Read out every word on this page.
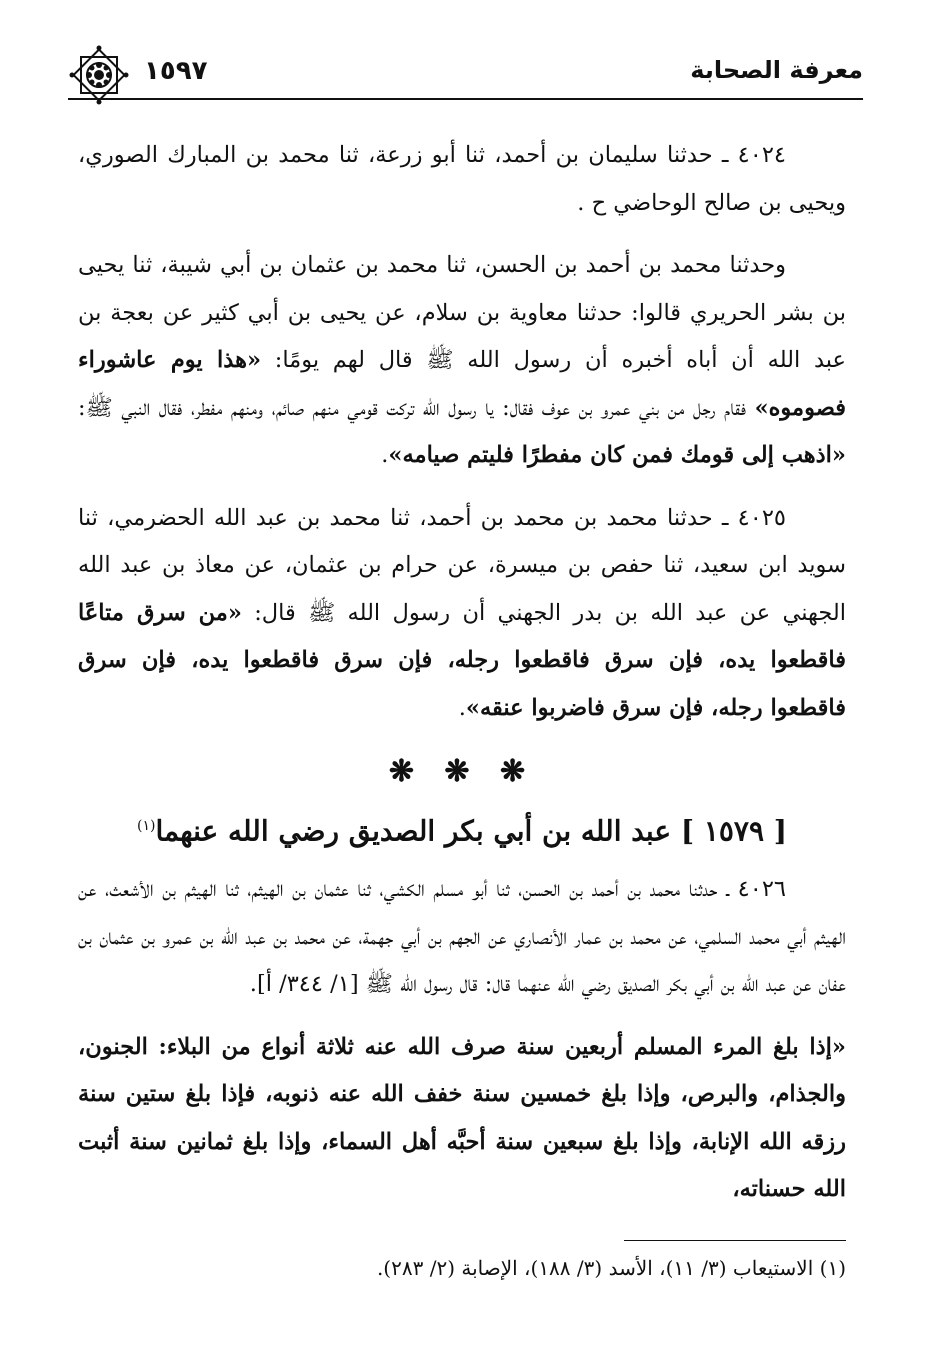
معرفة الصحابة
١٥٩٧

٤٠٢٤ ـ حدثنا سليمان بن أحمد، ثنا أبو زرعة، ثنا محمد بن المبارك الصوري، ويحيى بن صالح الوحاضي ح .

وحدثنا محمد بن أحمد بن الحسن، ثنا محمد بن عثمان بن أبي شيبة، ثنا يحيى بن بشر الحريري قالوا: حدثنا معاوية بن سلام، عن يحيى بن أبي كثير عن بعجة بن عبد الله أن أباه أخبره أن رسول الله ﷺ قال لهم يومًا: «هذا يوم عاشوراء فصوموه» فقام رجل من بني عمرو بن عوف فقال: يا رسول الله تركت قومي منهم صائم، ومنهم مفطر، فقال النبي ﷺ: «اذهب إلى قومك فمن كان مفطرًا فليتم صيامه».

٤٠٢٥ ـ حدثنا محمد بن محمد بن أحمد، ثنا محمد بن عبد الله الحضرمي، ثنا سويد ابن سعيد، ثنا حفص بن ميسرة، عن حرام بن عثمان، عن معاذ بن عبد الله الجهني عن عبد الله بن بدر الجهني أن رسول الله ﷺ قال: «من سرق متاعًا فاقطعوا يده، فإن سرق فاقطعوا رجله، فإن سرق فاقطعوا يده، فإن سرق فاقطعوا رجله، فإن سرق فاضربوا عنقه».

❋ ❋ ❋
[ ١٥٧٩ ] عبد الله بن أبي بكر الصديق رضي الله عنهما$^{(١)}$

٤٠٢٦ ـ حدثنا محمد بن أحمد بن الحسن، ثنا أبو مسلم الكشي، ثنا عثمان بن الهيثم، ثنا الهيثم بن الأشعث، عن الهيثم أبي محمد السلمي، عن محمد بن عمار الأنصاري عن الجهم بن أبي جهمة، عن محمد بن عبد الله بن عمرو بن عثمان بن عفان عن عبد الله بن أبي بكر الصديق رضي الله عنهما قال: قال رسول الله ﷺ [١/ ٣٤٤/ أ].

«إذا بلغ المرء المسلم أربعين سنة صرف الله عنه ثلاثة أنواع من البلاء: الجنون، والجذام، والبرص، وإذا بلغ خمسين سنة خفف الله عنه ذنوبه، فإذا بلغ ستين سنة رزقه الله الإنابة، وإذا بلغ سبعين سنة أحبَّه أهل السماء، وإذا بلغ ثمانين سنة أثبت الله حسناته،

(١) الاستيعاب (٣/ ١١)، الأسد (٣/ ١٨٨)، الإصابة (٢/ ٢٨٣).
